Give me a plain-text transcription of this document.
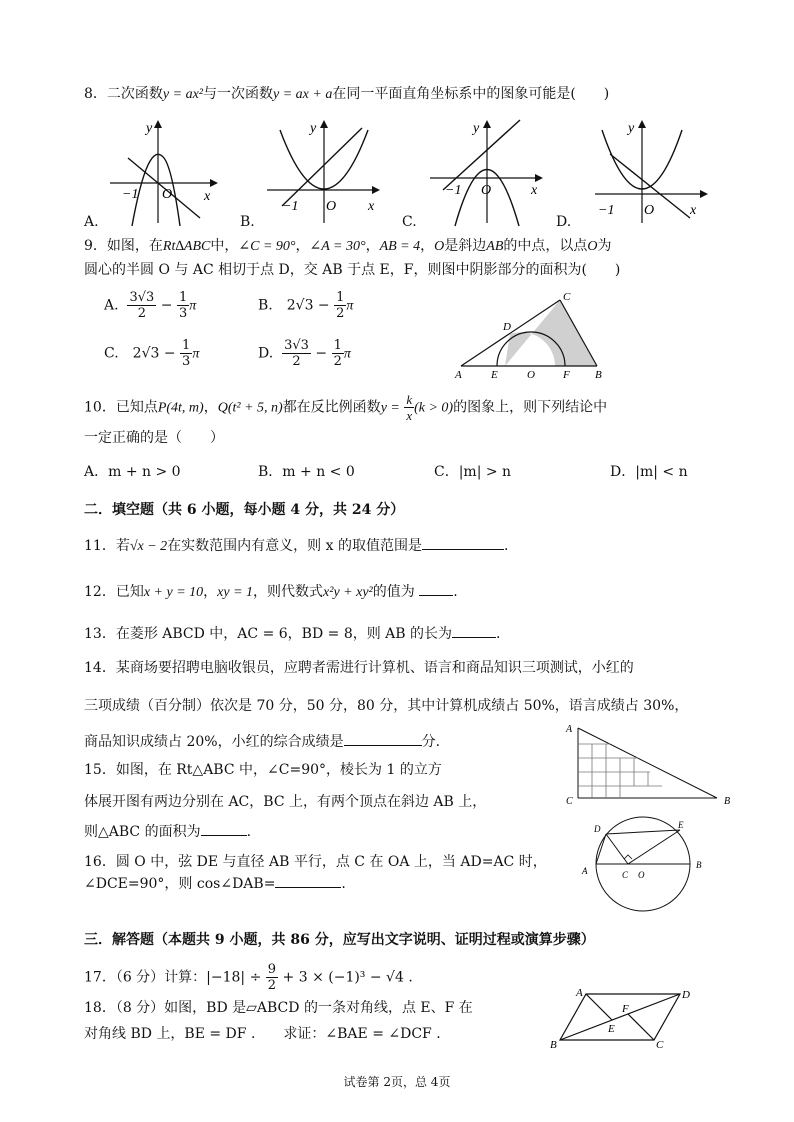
8．二次函数y = ax²与一次函数y = ax + a在同一平面直角坐标系中的图象可能是(　　)
y
x
O
−1
A.
y
x
O
−1
B.
y
x
O
−1
C.
y
x
O
−1
D.
9．如图，在Rt∆ABC中，∠C = 90°，∠A = 30°，AB = 4，O是斜边AB的中点，以点O为
圆心的半圆 O 与 AC 相切于点 D，交 AB 于点 E，F，则图中阴影部分的面积为(　　)
A. $\frac{3√3}{2} - \frac{1}{3}$ π	B.　$2√3 - \frac{1}{2}$ π
C.　$2√3 - \frac{1}{3}$ π	D. $\frac{3√3}{2} - \frac{1}{2}$ π
A	E	O	F B
C
D
10．已知点P(4t, m)，Q(t² + 5, n)都在反比例函数$y = \frac{k}{x} (k > 0)$的图象上，则下列结论中
一定正确的是（　　）
A．m + n > 0	B．m + n < 0	C．|m| > n	D．|m| < n
二．填空题（共 6 小题，每小题 4 分，共 24 分）
11．若√x − 2在实数范围内有意义，则 x 的取值范围是	.
12．已知x + y = 10，xy = 1，则代数式x²y + xy²的值为	.
13．在菱形 ABCD 中，AC = 6，BD = 8，则 AB 的长为	.
14．某商场要招聘电脑收银员，应聘者需进行计算机、语言和商品知识三项测试，小红的
三项成绩（百分制）依次是 70 分，50 分，80 分，其中计算机成绩占 50%，语言成绩占 30%，
商品知识成绩占 20%，小红的综合成绩是	分.
15．如图，在 Rt△ABC 中，∠C=90°，棱长为 1 的立方
体展开图有两边分别在 AC，BC 上，有两个顶点在斜边 AB 上，
则△ABC 的面积为	.
A
C	B
16．圆 O 中，弦 DE 与直径 AB 平行，点 C 在 OA 上，当 AD=AC 时，
∠DCE=90°，则 cos∠DAB=	.
D	E
A
B
C O
三．解答题（本题共 9 小题，共 86 分，应写出文字说明、证明过程或演算步骤）
17．（6 分）计算：$|-18| \div \frac{9}{2} + 3 \times (-1)^3 - √4$ .
18．（8 分）如图，BD 是▱ABCD 的一条对角线，点 E、F 在
对角线 BD 上，BE = DF .　　求证：∠BAE = ∠DCF .
A	D
B	C
F
E
试卷第 2页，总 4页
